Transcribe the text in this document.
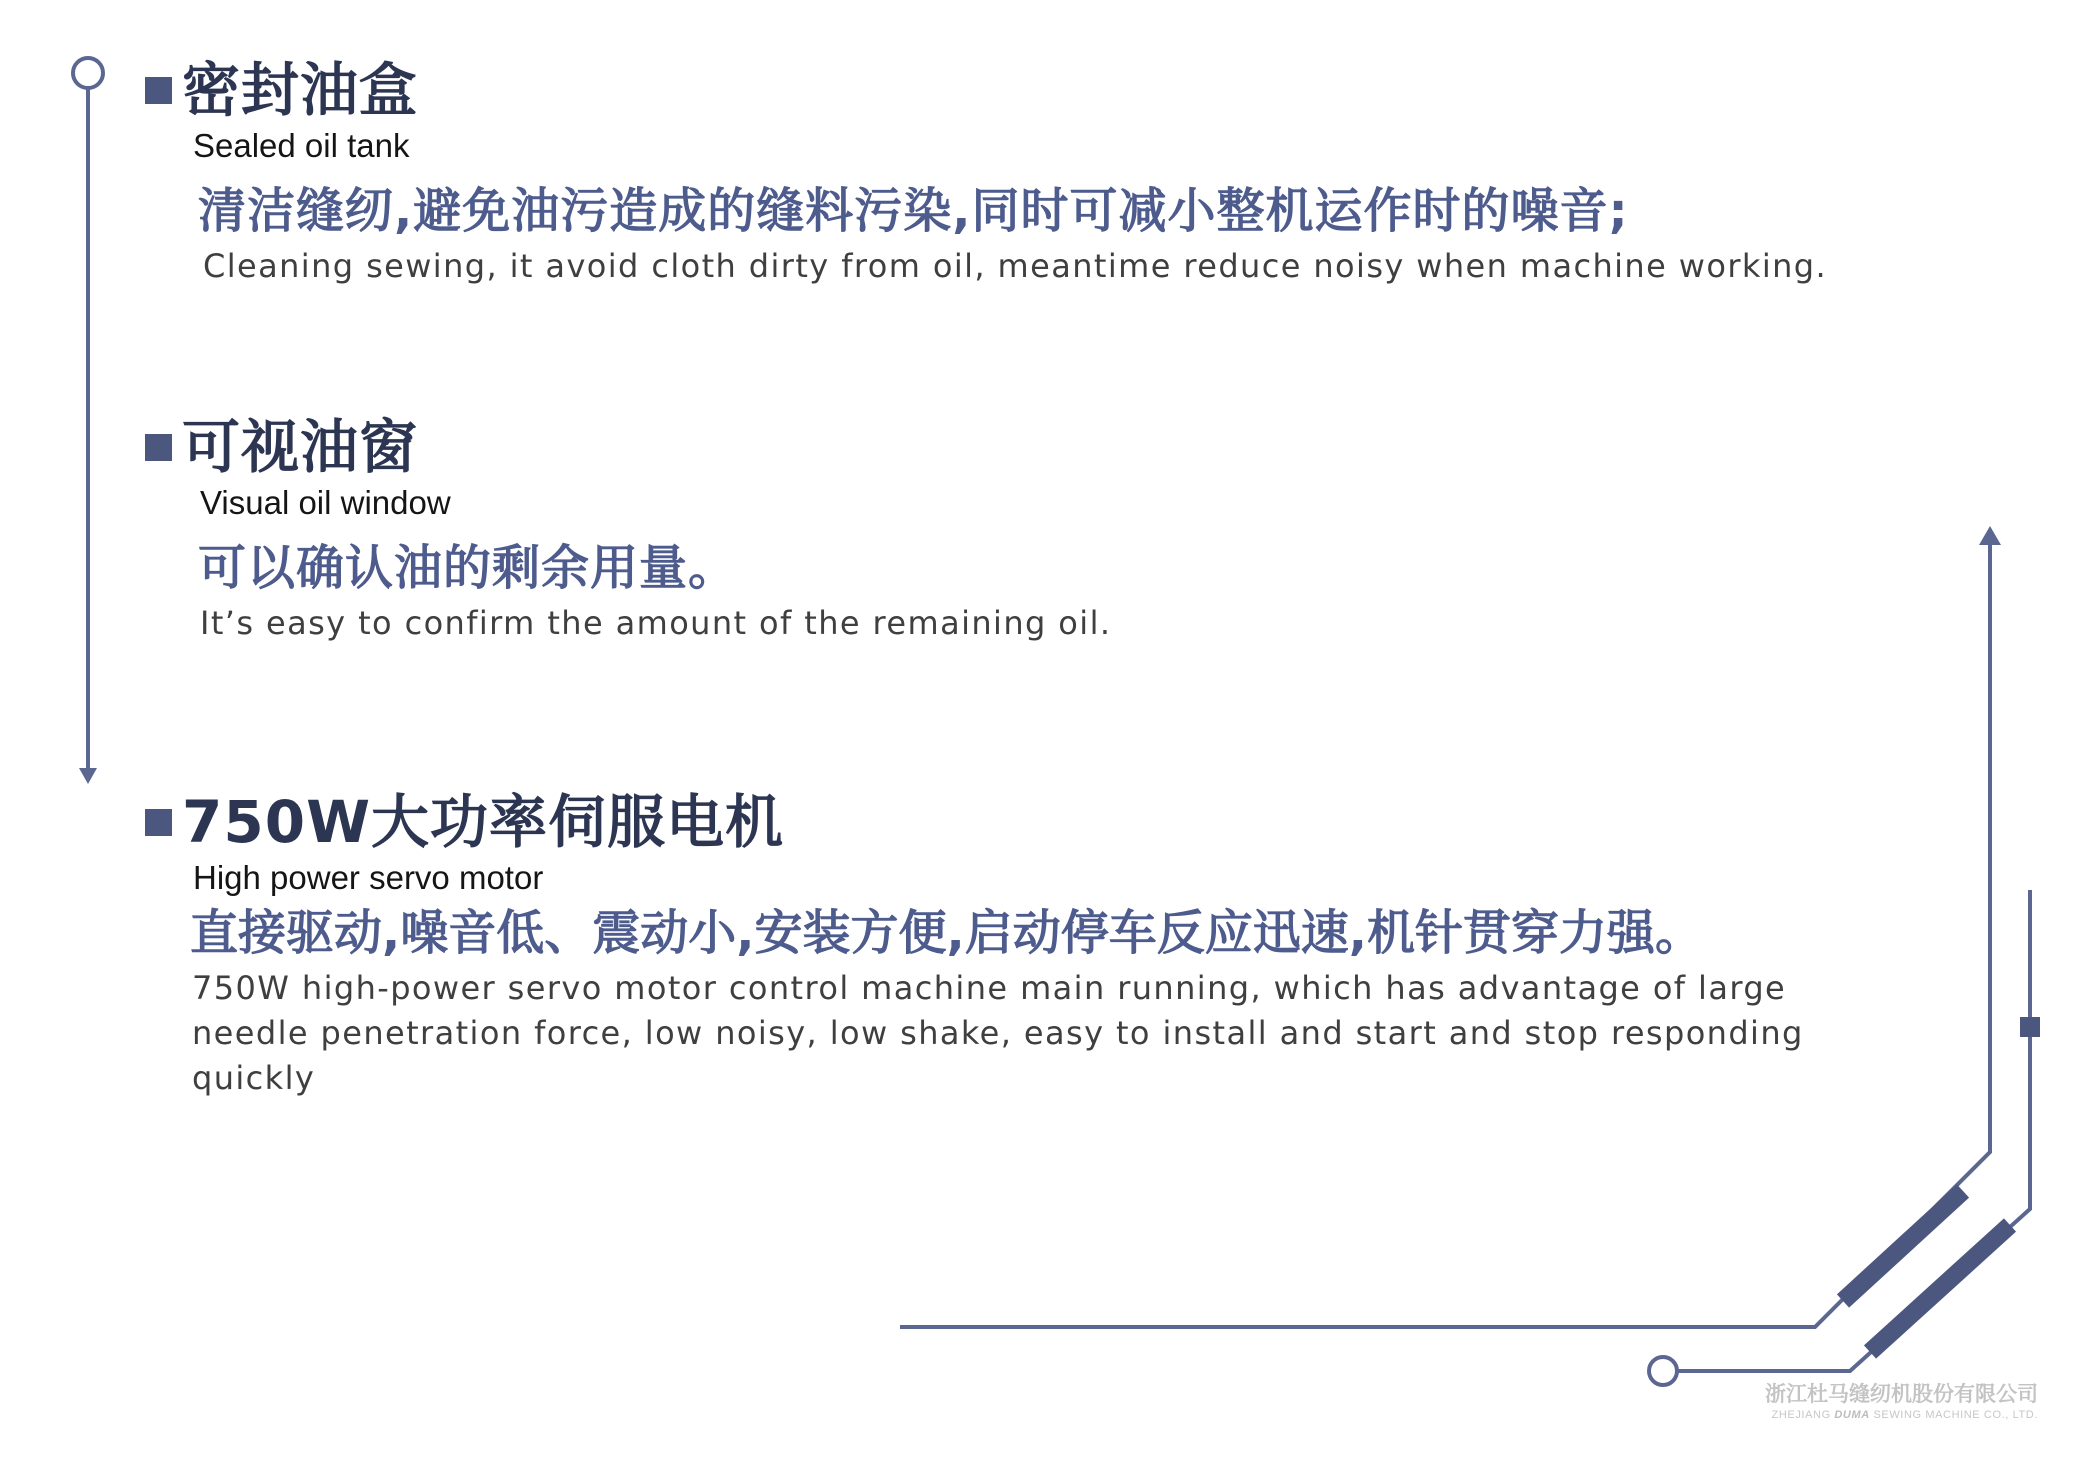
密封油盒
Sealed oil tank
清洁缝纫,避免油污造成的缝料污染,同时可减小整机运作时的噪音;
Cleaning sewing, it avoid cloth dirty from oil, meantime reduce noisy when machine working.
可视油窗
Visual oil window
可以确认油的剩余用量。
It’s easy to confirm the amount of the remaining oil.
750W大功率伺服电机
High power servo motor
直接驱动,噪音低、震动小,安装方便,启动停车反应迅速,机针贯穿力强。
750W high-power servo motor control machine main running, which has advantage of large needle penetration force, low noisy, low shake, easy to install and start and stop responding quickly
浙江杜马缝纫机股份有限公司
ZHEJIANG DUMA SEWING MACHINE CO., LTD.
